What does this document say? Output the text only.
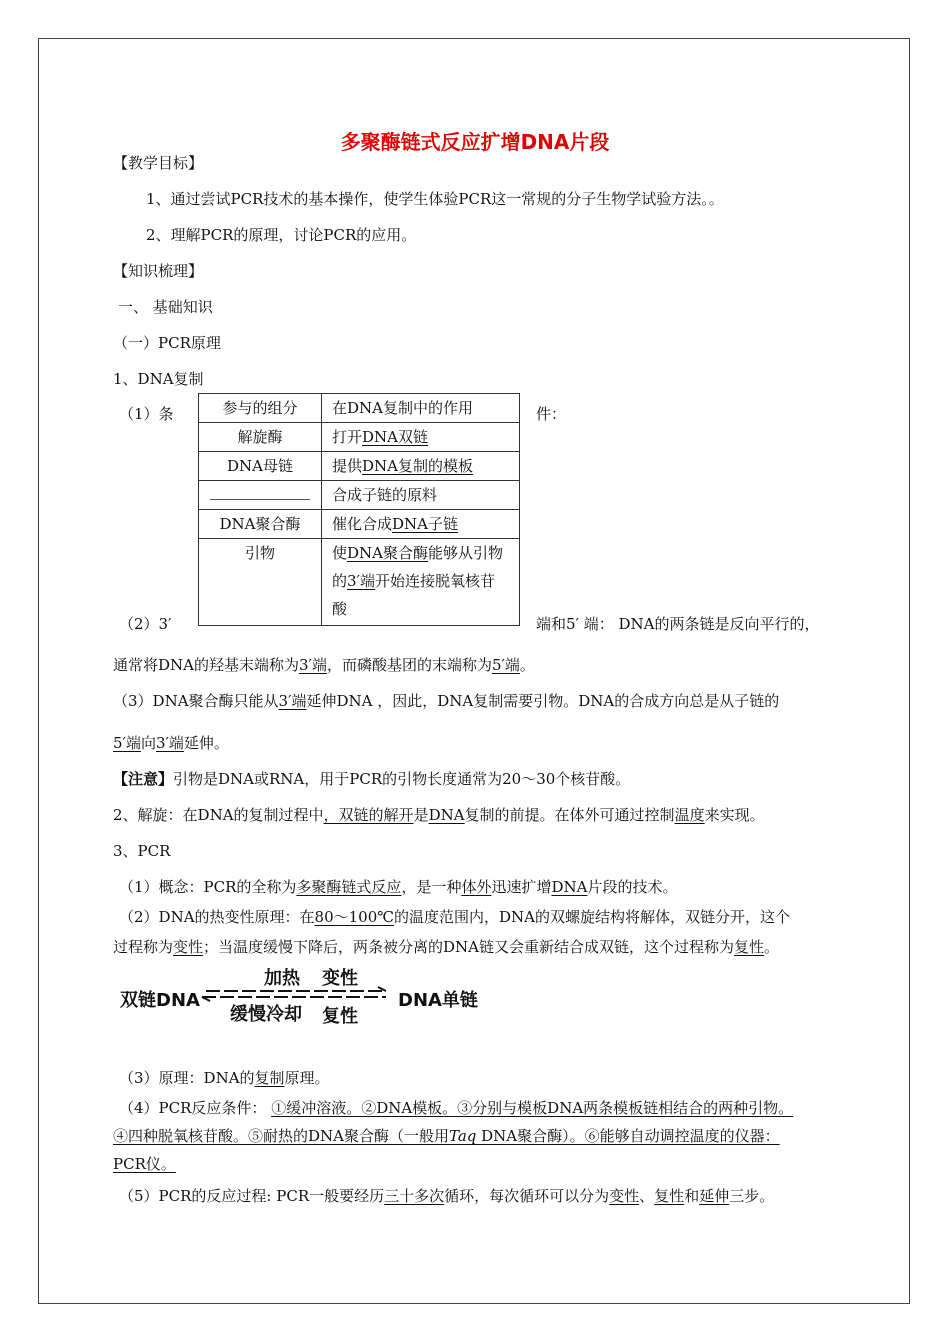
多聚酶链式反应扩增DNA片段
【教学目标】
1、通过尝试PCR技术的基本操作，使学生体验PCR这一常规的分子生物学试验方法。。
2、理解PCR的原理，讨论PCR的应用。
【知识梳理】
一、 基础知识
（一）PCR原理
1、DNA复制
（1）条	件：
参与的组分	在DNA复制中的作用
解旋酶	打开DNA双链
DNA母链	提供DNA复制的模板
	合成子链的原料
DNA聚合酶	催化合成DNA子链
引物	使DNA聚合酶能够从引物的3′端开始连接脱氧核苷酸
（2）3′	端和5′ 端： DNA的两条链是反向平行的，
通常将DNA的羟基末端称为3′端，而磷酸基团的末端称为5′端。
（3）DNA聚合酶只能从3′端延伸DNA ，因此，DNA复制需要引物。DNA的合成方向总是从子链的
5′端向3′端延伸。
【注意】引物是DNA或RNA，用于PCR的引物长度通常为20～30个核苷酸。
2、解旋：在DNA的复制过程中，双链的解开是DNA复制的前提。在体外可通过控制温度来实现。
3、PCR
（1）概念：PCR的全称为多聚酶链式反应，是一种体外迅速扩增DNA片段的技术。
（2）DNA的热变性原理：在80～100℃的温度范围内，DNA的双螺旋结构将解体，双链分开，这个
过程称为变性；当温度缓慢下降后，两条被分离的DNA链又会重新结合成双链，这个过程称为复性。
双链DNA
加热 变性
缓慢冷却 复性
DNA单链
（3）原理：DNA的复制原理。
（4）PCR反应条件： ①缓冲溶液。②DNA模板。③分别与模板DNA两条模板链相结合的两种引物。
④四种脱氧核苷酸。⑤耐热的DNA聚合酶（一般用Taq DNA聚合酶）。⑥能够自动调控温度的仪器：
PCR仪。
（5）PCR的反应过程: PCR一般要经历三十多次循环，每次循环可以分为变性、复性和延伸三步。
